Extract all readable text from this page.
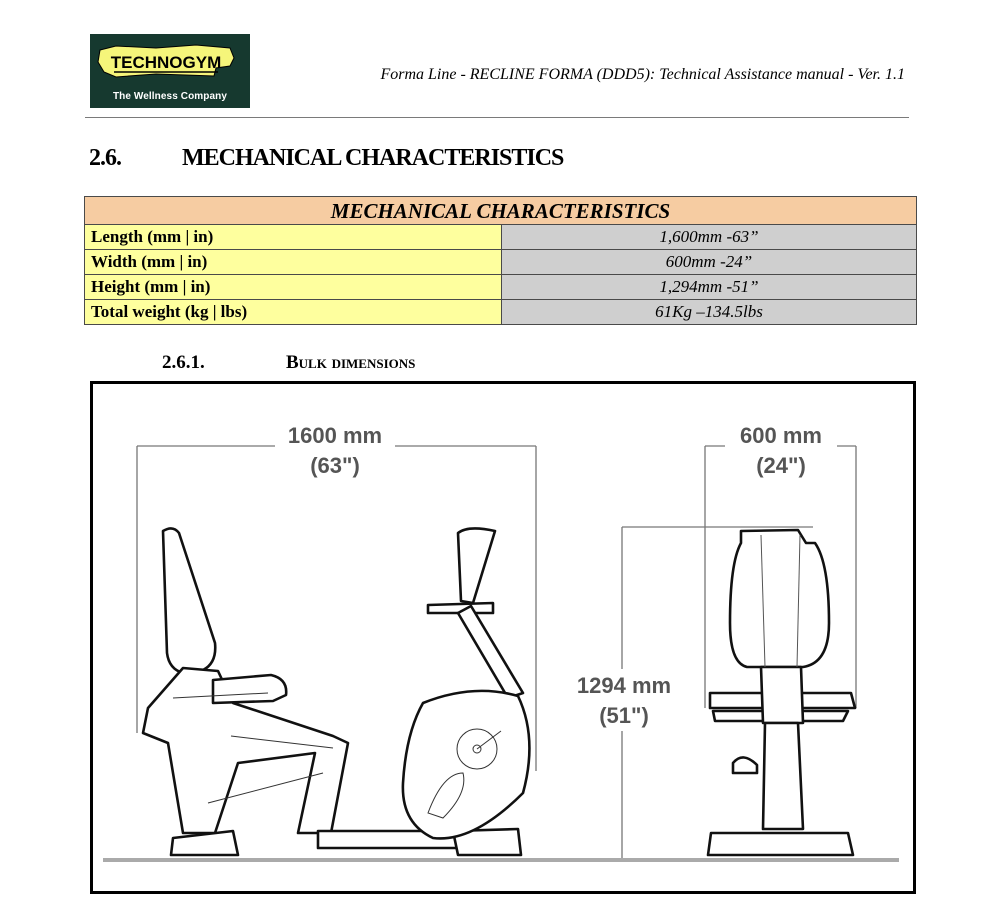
TECHNOGYM
The Wellness Company
Forma Line - RECLINE FORMA (DDD5): Technical Assistance manual - Ver. 1.1
2.6.	MECHANICAL CHARACTERISTICS
MECHANICAL CHARACTERISTICS	
Length (mm | in)	1,600mm -63”
Width (mm | in)	600mm -24”
Height (mm | in)	1,294mm -51”
Total weight (kg | lbs)	61Kg –134.5lbs
2.6.1.	Bulk dimensions
1600 mm
(63")
600 mm
(24")
1294 mm
(51")
